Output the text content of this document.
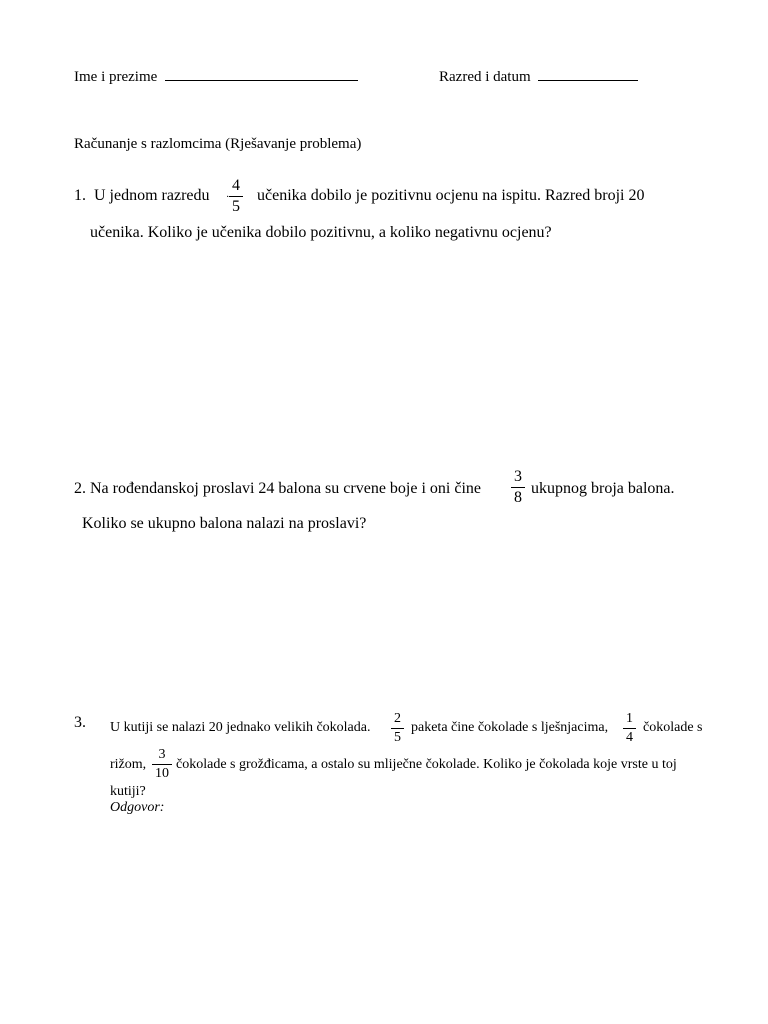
Ime i prezime	Razred i datum
Računanje s razlomcima (Rješavanje problema)
1. U jednom razredu ·
4
5
učenika dobilo je pozitivnu ocjenu na ispitu. Razred broji 20
učenika. Koliko je učenika dobilo pozitivnu, a koliko negativnu ocjenu?
2. Na rođendanskoj proslavi 24 balona su crvene boje i oni čine
3
8
ukupnog broja balona.
Koliko se ukupno balona nalazi na proslavi?
3. U kutiji se nalazi 20 jednako velikih čokolada.
2
5
paketa čine čokolade s lješnjacima,
1
4
čokolade s
rižom,
3
10
čokolade s grožđicama, a ostalo su mliječne čokolade. Koliko je čokolada koje vrste u toj
kutiji?
Odgovor:
